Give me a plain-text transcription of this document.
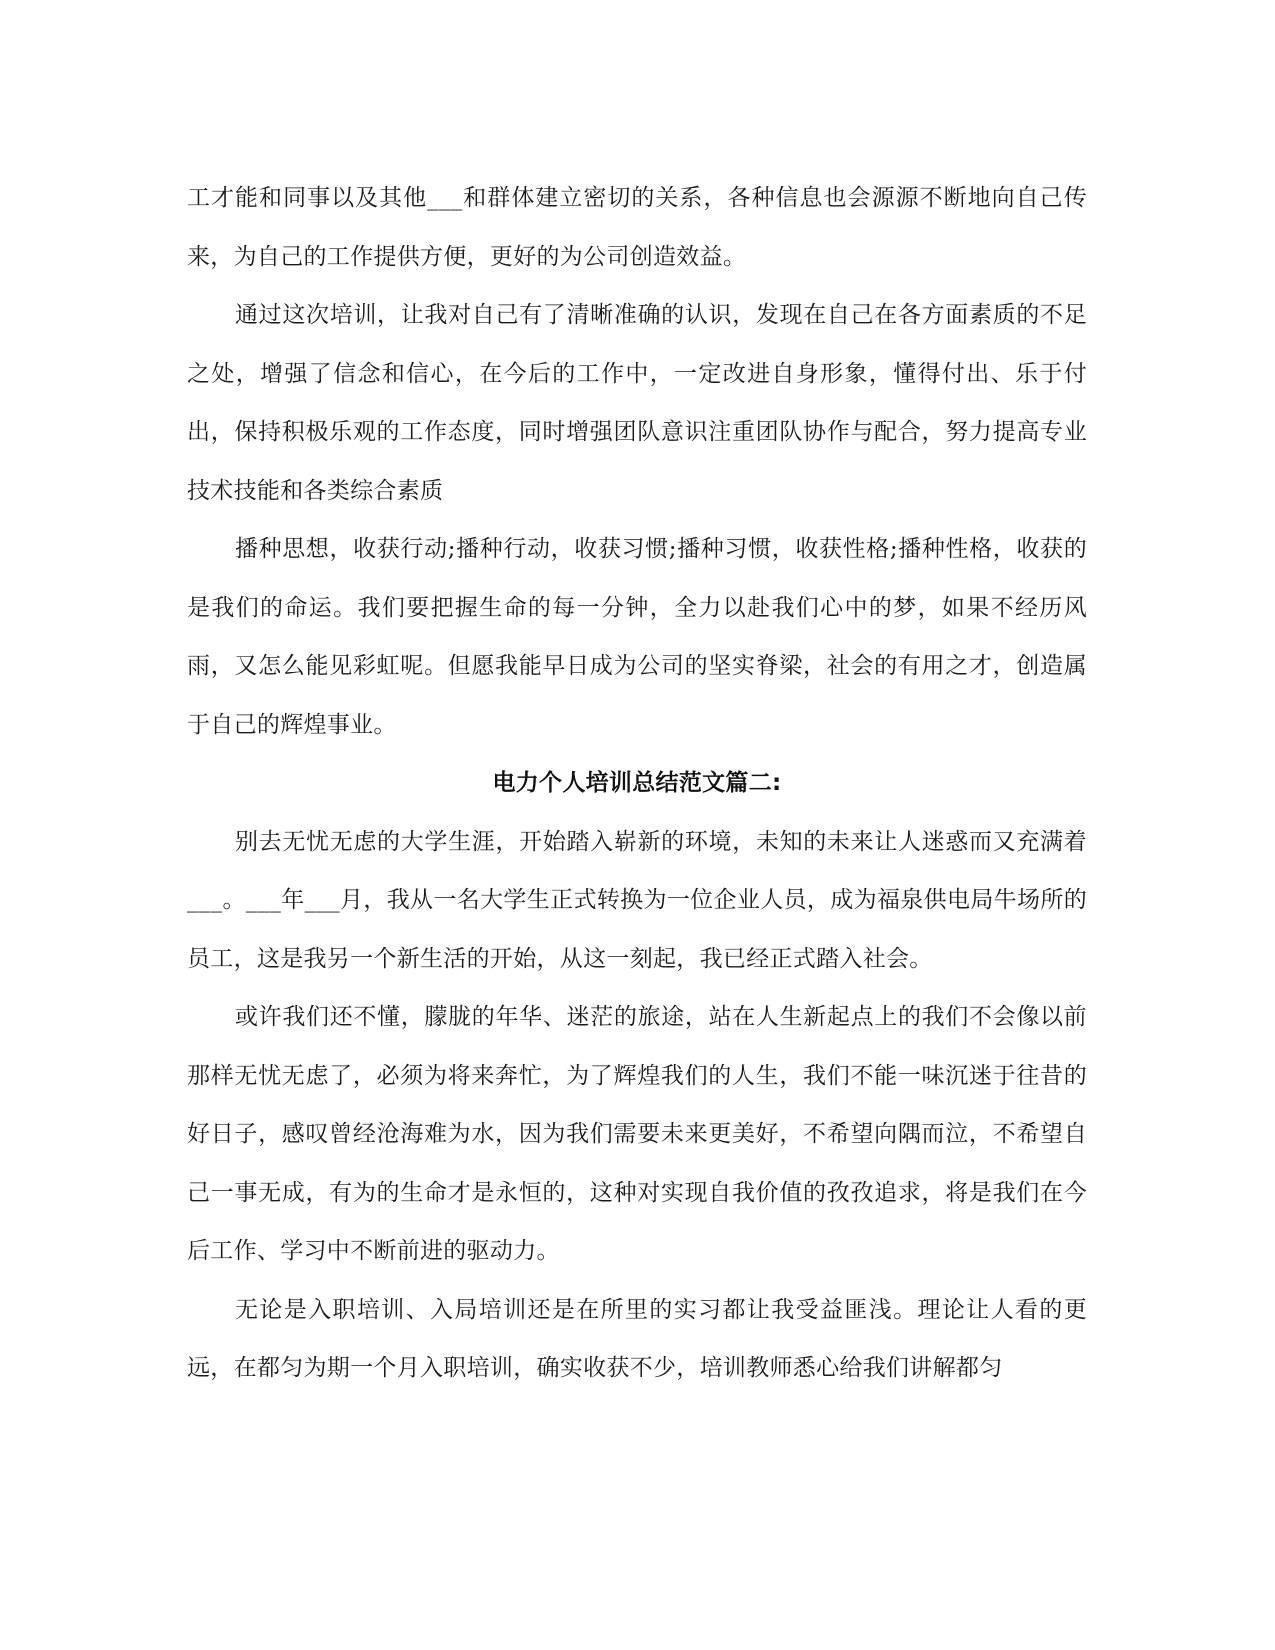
工才能和同事以及其他___和群体建立密切的关系，各种信息也会源源不断地向自己传来，为自己的工作提供方便，更好的为公司创造效益。

通过这次培训，让我对自己有了清晰准确的认识，发现在自己在各方面素质的不足之处，增强了信念和信心，在今后的工作中，一定改进自身形象，懂得付出、乐于付出，保持积极乐观的工作态度，同时增强团队意识注重团队协作与配合，努力提高专业技术技能和各类综合素质

播种思想，收获行动;播种行动，收获习惯;播种习惯，收获性格;播种性格，收获的是我们的命运。我们要把握生命的每一分钟，全力以赴我们心中的梦，如果不经历风雨，又怎么能见彩虹呢。但愿我能早日成为公司的坚实脊梁，社会的有用之才，创造属于自己的辉煌事业。

电力个人培训总结范文篇二:

别去无忧无虑的大学生涯，开始踏入崭新的环境，未知的未来让人迷惑而又充满着___。___年___月，我从一名大学生正式转换为一位企业人员，成为福泉供电局牛场所的员工，这是我另一个新生活的开始，从这一刻起，我已经正式踏入社会。

或许我们还不懂，朦胧的年华、迷茫的旅途，站在人生新起点上的我们不会像以前那样无忧无虑了，必须为将来奔忙，为了辉煌我们的人生，我们不能一味沉迷于往昔的好日子，感叹曾经沧海难为水，因为我们需要未来更美好，不希望向隅而泣，不希望自己一事无成，有为的生命才是永恒的，这种对实现自我价值的孜孜追求，将是我们在今后工作、学习中不断前进的驱动力。

无论是入职培训、入局培训还是在所里的实习都让我受益匪浅。理论让人看的更远，在都匀为期一个月入职培训，确实收获不少，培训教师悉心给我们讲解都匀
